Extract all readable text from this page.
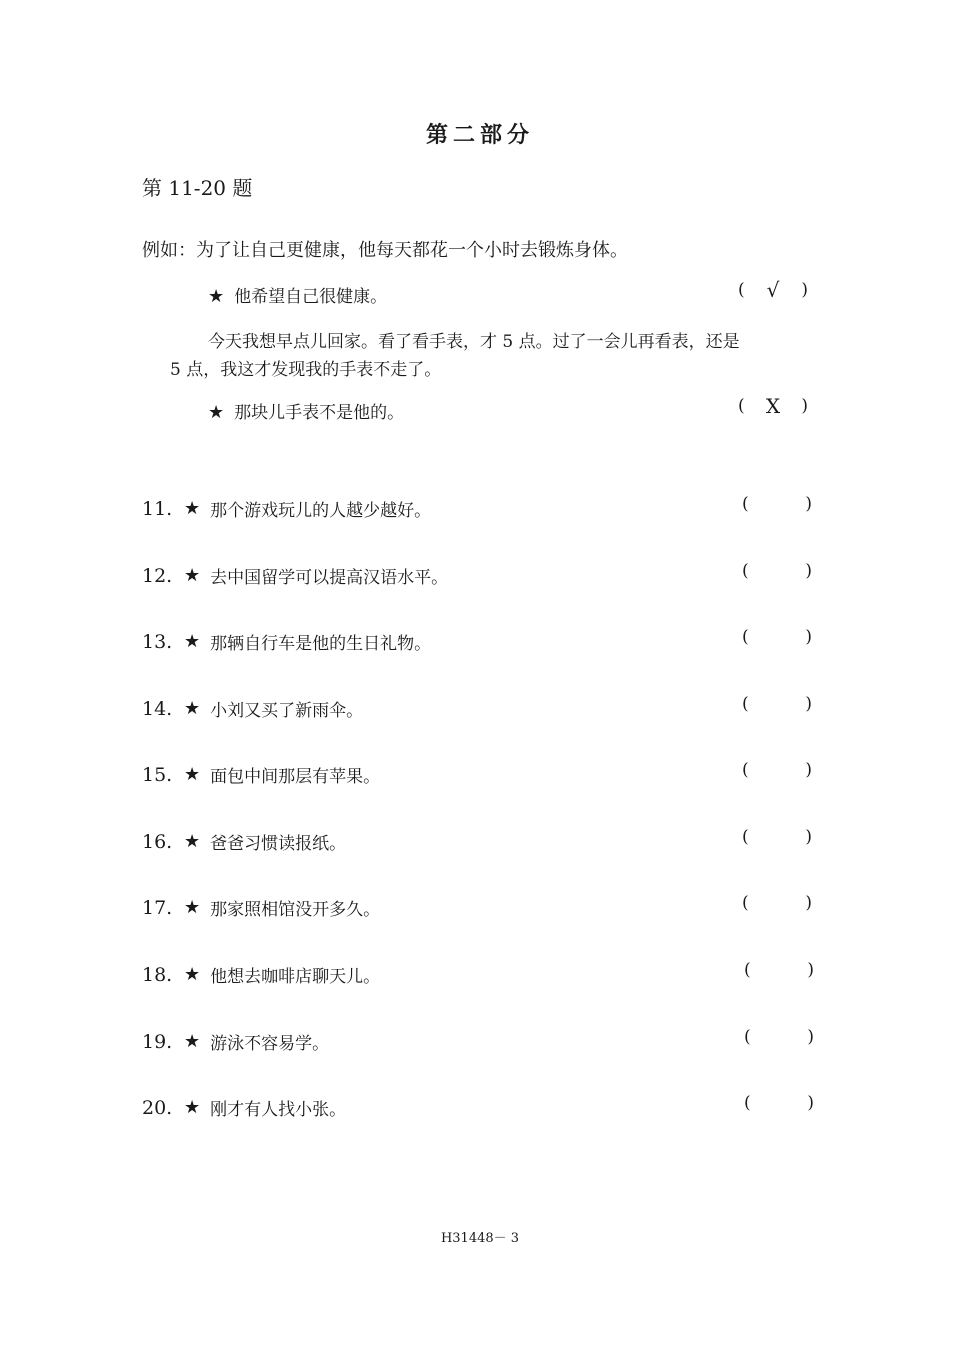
第二部分
第 11-20 题
例如：为了让自己更健康，他每天都花一个小时去锻炼身体。
★ 他希望自己很健康。	( √ )
今天我想早点儿回家。看了看手表，才 5 点。过了一会儿再看表，还是
5 点，我这才发现我的手表不走了。
★ 那块儿手表不是他的。	( X )
11. ★ 那个游戏玩儿的人越少越好。	(	)
12. ★ 去中国留学可以提高汉语水平。	(	)
13. ★ 那辆自行车是他的生日礼物。	(	)
14. ★ 小刘又买了新雨伞。	(	)
15. ★ 面包中间那层有苹果。	(	)
16. ★ 爸爸习惯读报纸。	(	)
17. ★ 那家照相馆没开多久。	(	)
18. ★ 他想去咖啡店聊天儿。	(	)
19. ★ 游泳不容易学。	(	)
20. ★ 刚才有人找小张。	(	)
H31448－ 3
